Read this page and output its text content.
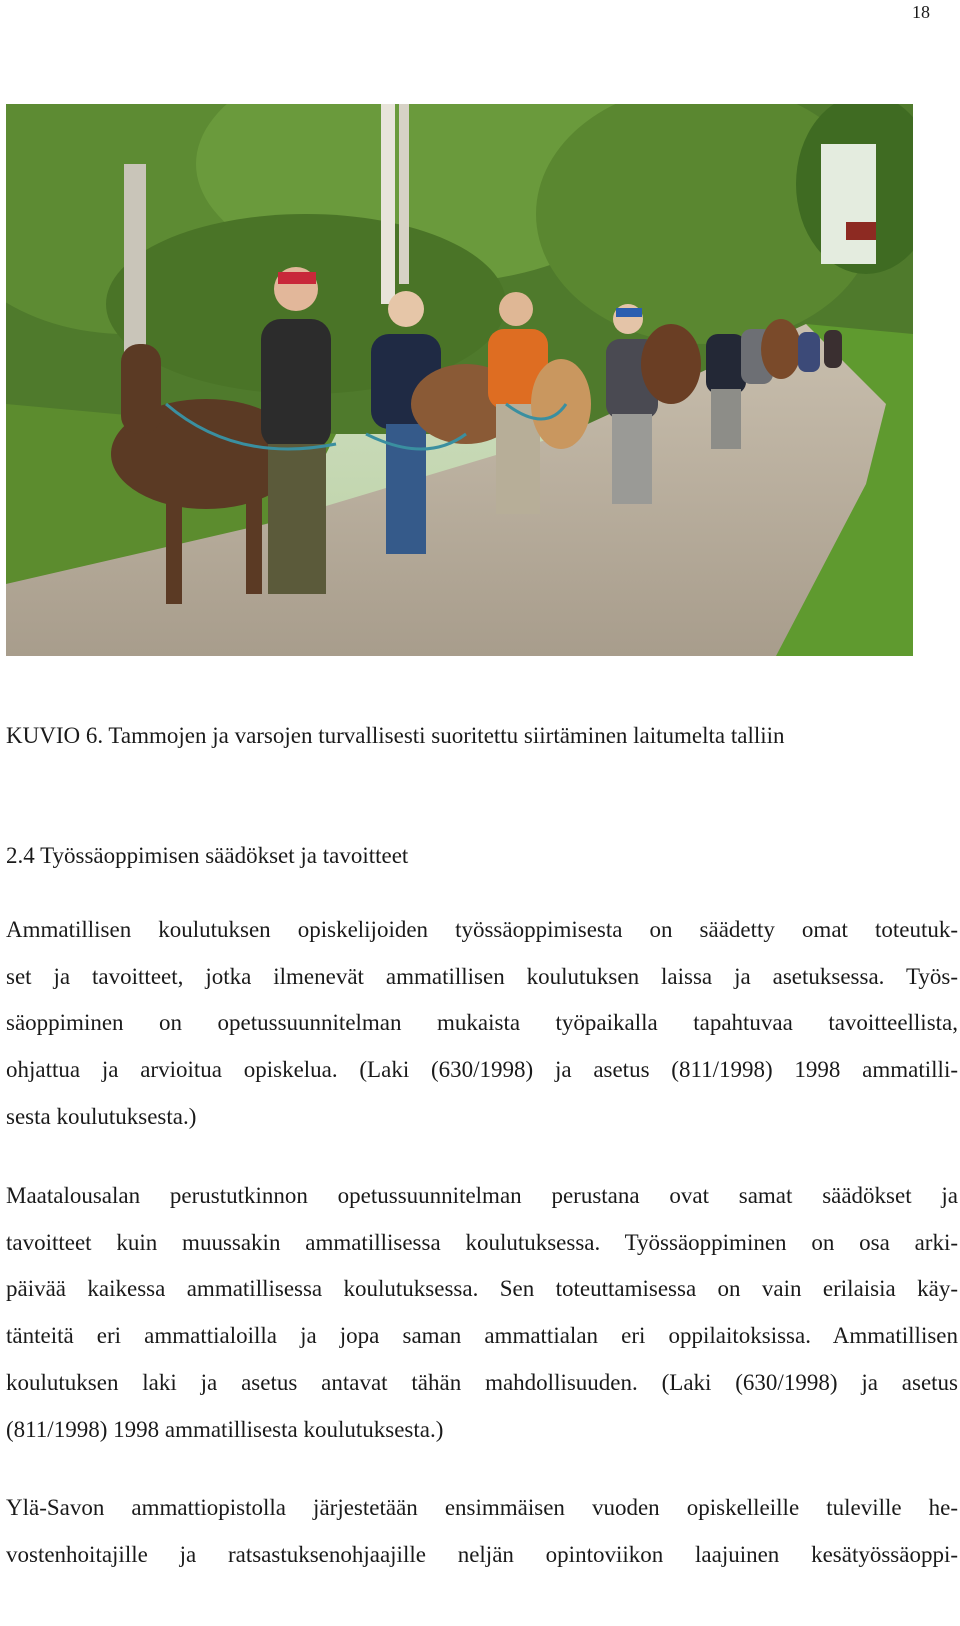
18
KUVIO 6. Tammojen ja varsojen turvallisesti suoritettu siirtäminen laitumelta talliin
2.4 Työssäoppimisen säädökset ja tavoitteet

Ammatillisen koulutuksen opiskelijoiden työssäoppimisesta on säädetty omat toteutuk-
set ja tavoitteet, jotka ilmenevät ammatillisen koulutuksen laissa ja asetuksessa. Työs-
säoppiminen on opetussuunnitelman mukaista työpaikalla tapahtuvaa tavoitteellista,
ohjattua ja arvioitua opiskelua. (Laki (630/1998) ja asetus (811/1998) 1998 ammatilli-
sesta koulutuksesta.)

Maatalousalan perustutkinnon opetussuunnitelman perustana ovat samat säädökset ja
tavoitteet kuin muussakin ammatillisessa koulutuksessa. Työssäoppiminen on osa arki-
päivää kaikessa ammatillisessa koulutuksessa. Sen toteuttamisessa on vain erilaisia käy-
tänteitä eri ammattialoilla ja jopa saman ammattialan eri oppilaitoksissa. Ammatillisen
koulutuksen laki ja asetus antavat tähän mahdollisuuden. (Laki (630/1998) ja asetus
(811/1998) 1998 ammatillisesta koulutuksesta.)

Ylä-Savon ammattiopistolla järjestetään ensimmäisen vuoden opiskelleille tuleville he-
vostenhoitajille ja ratsastuksenohjaajille neljän opintoviikon laajuinen kesätyössäoppi-
